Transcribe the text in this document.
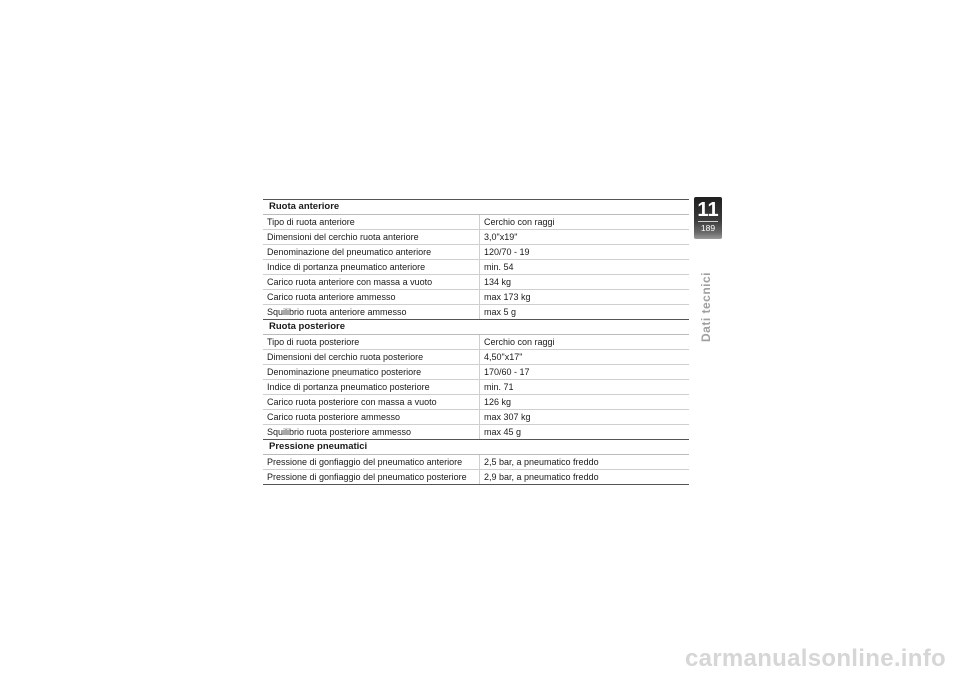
Ruota anteriore
Tipo di ruota anteriore	Cerchio con raggi
Dimensioni del cerchio ruota anteriore	3,0"x19"
Denominazione del pneumatico anteriore	120/70 - 19
Indice di portanza pneumatico anteriore	min. 54
Carico ruota anteriore con massa a vuoto	134 kg
Carico ruota anteriore ammesso	max 173 kg
Squilibrio ruota anteriore ammesso	max 5 g
Ruota posteriore
Tipo di ruota posteriore	Cerchio con raggi
Dimensioni del cerchio ruota posteriore	4,50"x17"
Denominazione pneumatico posteriore	170/60 - 17
Indice di portanza pneumatico posteriore	min. 71
Carico ruota posteriore con massa a vuoto	126 kg
Carico ruota posteriore ammesso	max 307 kg
Squilibrio ruota posteriore ammesso	max 45 g
Pressione pneumatici
Pressione di gonfiaggio del pneumatico anteriore	2,5 bar, a pneumatico freddo
Pressione di gonfiaggio del pneumatico posteriore	2,9 bar, a pneumatico freddo
11
189
Dati tecnici
carmanualsonline.info
